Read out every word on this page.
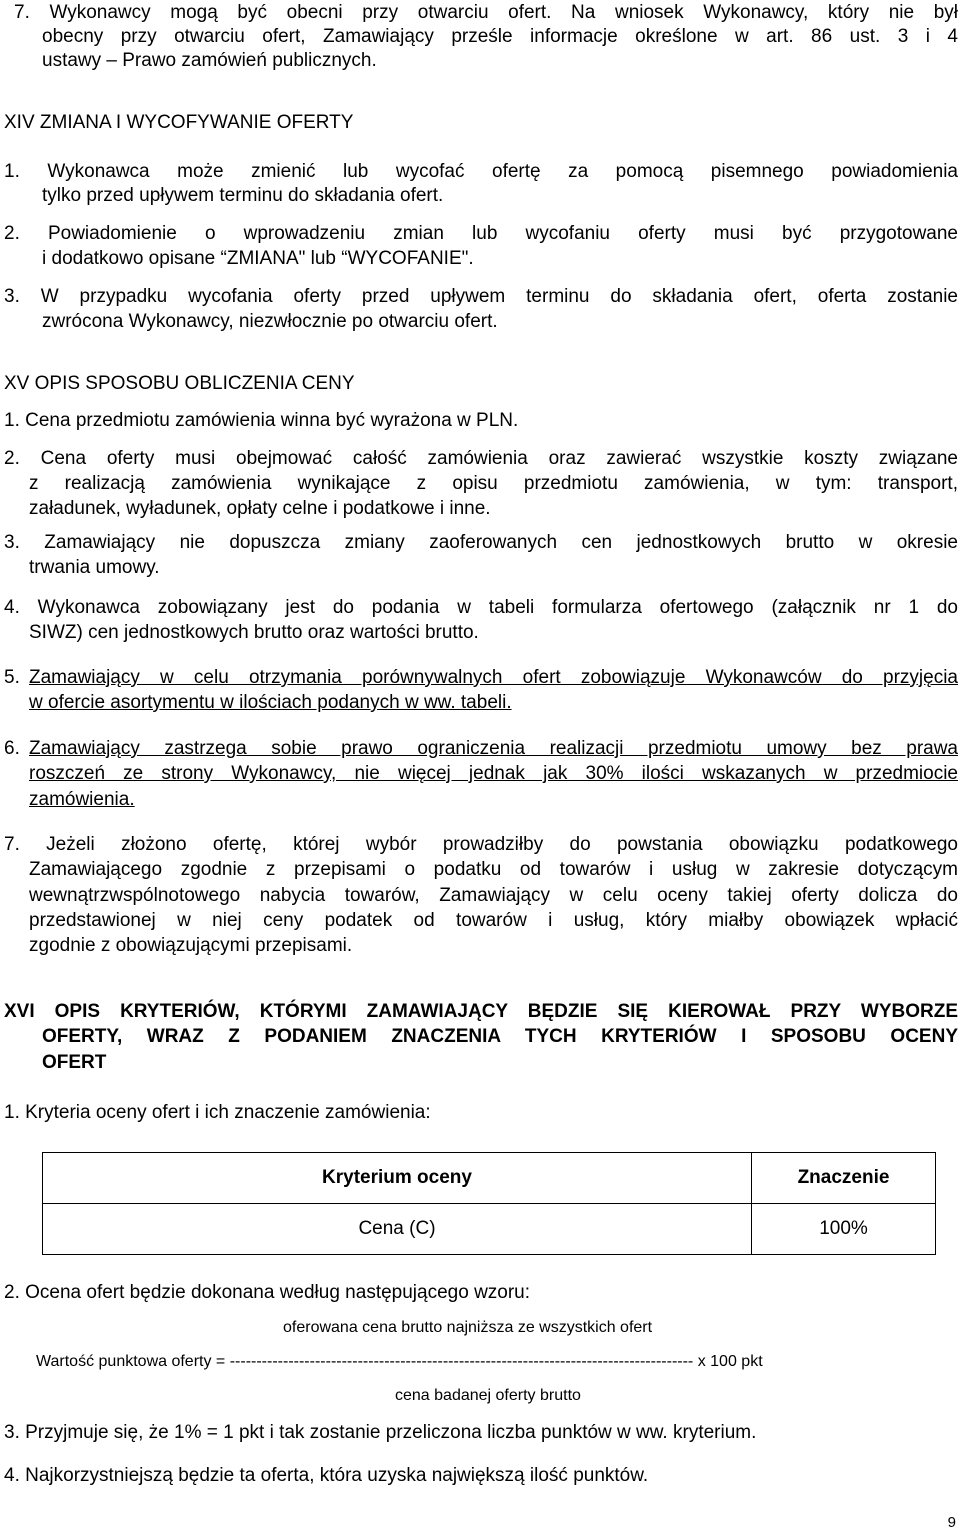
7. Wykonawcy mogą być obecni przy otwarciu ofert. Na wniosek Wykonawcy, który nie był
obecny przy otwarciu ofert, Zamawiający prześle informacje określone w art. 86 ust. 3 i 4
ustawy – Prawo zamówień publicznych.
XIV ZMIANA I WYCOFYWANIE OFERTY
1. Wykonawca może zmienić lub wycofać ofertę za pomocą pisemnego powiadomienia
tylko przed upływem terminu do składania ofert.
2. Powiadomienie o wprowadzeniu zmian lub wycofaniu oferty musi być przygotowane
i dodatkowo opisane “ZMIANA" lub “WYCOFANIE".
3. W przypadku wycofania oferty przed upływem terminu do składania ofert, oferta zostanie
zwrócona Wykonawcy, niezwłocznie po otwarciu ofert.
XV OPIS SPOSOBU OBLICZENIA CENY
1. Cena przedmiotu zamówienia winna być wyrażona w PLN.
2. Cena oferty musi obejmować całość zamówienia oraz zawierać wszystkie koszty związane
z realizacją zamówienia wynikające z opisu przedmiotu zamówienia, w tym: transport,
załadunek, wyładunek, opłaty celne i podatkowe i inne.
3. Zamawiający nie dopuszcza zmiany zaoferowanych cen jednostkowych brutto w okresie
trwania umowy.
4. Wykonawca zobowiązany jest do podania w tabeli formularza ofertowego (załącznik nr 1 do
SIWZ) cen jednostkowych brutto oraz wartości brutto.
5. Zamawiający w celu otrzymania porównywalnych ofert zobowiązuje Wykonawców do przyjęcia
w ofercie asortymentu w ilościach podanych w ww. tabeli.
6. Zamawiający zastrzega sobie prawo ograniczenia realizacji przedmiotu umowy bez prawa
roszczeń ze strony Wykonawcy, nie więcej jednak jak 30% ilości wskazanych w przedmiocie
zamówienia.
7. Jeżeli złożono ofertę, której wybór prowadziłby do powstania obowiązku podatkowego
Zamawiającego zgodnie z przepisami o podatku od towarów i usług w zakresie dotyczącym
wewnątrzwspólnotowego nabycia towarów, Zamawiający w celu oceny takiej oferty dolicza do
przedstawionej w niej ceny podatek od towarów i usług, który miałby obowiązek wpłacić
zgodnie z obowiązującymi przepisami.
XVI OPIS KRYTERIÓW, KTÓRYMI ZAMAWIAJĄCY BĘDZIE SIĘ KIEROWAŁ PRZY WYBORZE
OFERTY, WRAZ Z PODANIEM ZNACZENIA TYCH KRYTERIÓW I SPOSOBU OCENY
OFERT
1. Kryteria oceny ofert i ich znaczenie zamówienia:
Kryterium oceny	Znaczenie
Cena (C)	100%
2. Ocena ofert będzie dokonana według następującego wzoru:
oferowana cena brutto najniższa ze wszystkich ofert
Wartość punktowa oferty = --------------------------------------------------------------------------------------- x 100 pkt
cena badanej oferty brutto
3. Przyjmuje się, że 1% = 1 pkt i tak zostanie przeliczona liczba punktów w ww. kryterium.
4. Najkorzystniejszą będzie ta oferta, która uzyska największą ilość punktów.
9
